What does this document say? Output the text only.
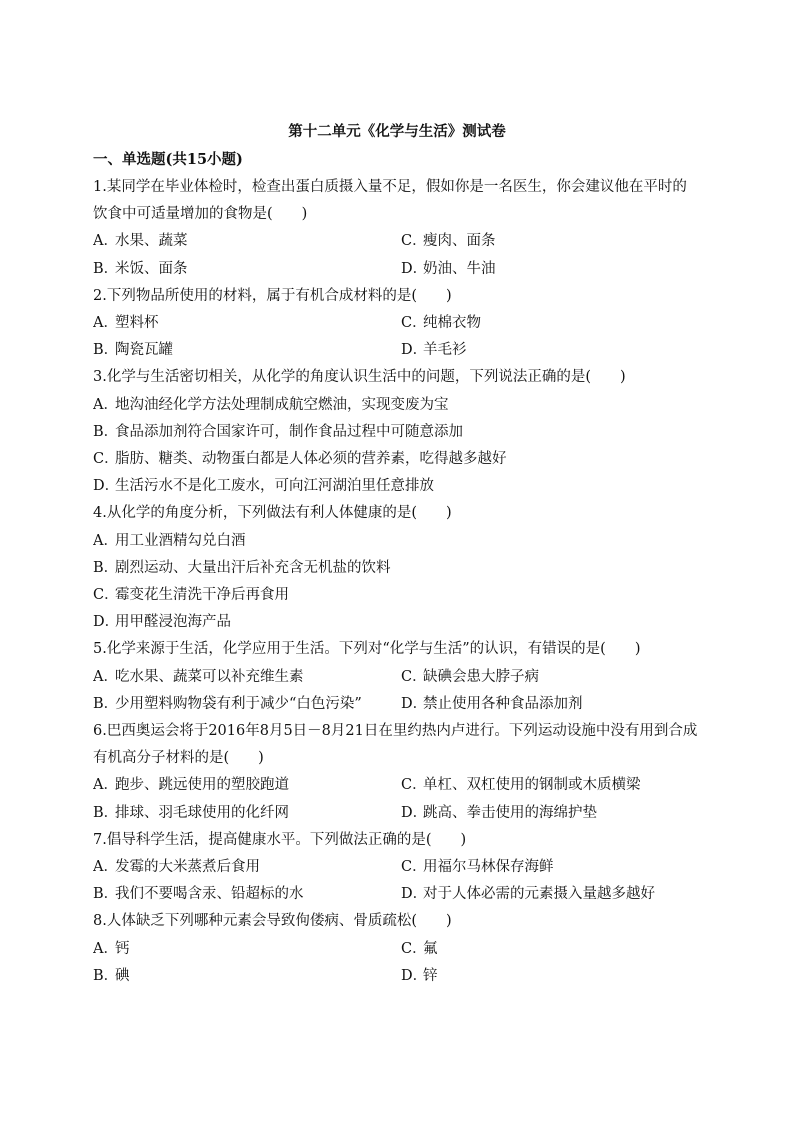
第十二单元《化学与生活》测试卷
一、单选题(共15小题)

1.某同学在毕业体检时，检查出蛋白质摄入量不足，假如你是一名医生，你会建议他在平时的饮食中可适量增加的食物是(　　)

A．水果、蔬菜	C．瘦肉、面条
B．米饭、面条	D．奶油、牛油

2.下列物品所使用的材料，属于有机合成材料的是(　　)

A．塑料杯	C．纯棉衣物
B．陶瓷瓦罐	D．羊毛衫

3.化学与生活密切相关，从化学的角度认识生活中的问题，下列说法正确的是(　　)

A．地沟油经化学方法处理制成航空燃油，实现变废为宝
B．食品添加剂符合国家许可，制作食品过程中可随意添加
C．脂肪、糖类、动物蛋白都是人体必须的营养素，吃得越多越好
D．生活污水不是化工废水，可向江河湖泊里任意排放

4.从化学的角度分析，下列做法有利人体健康的是(　　)

A．用工业酒精勾兑白酒
B．剧烈运动、大量出汗后补充含无机盐的饮料
C．霉变花生清洗干净后再食用
D．用甲醛浸泡海产品

5.化学来源于生活，化学应用于生活。下列对“化学与生活”的认识，有错误的是(　　)

A．吃水果、蔬菜可以补充维生素	C．缺碘会患大脖子病
B．少用塑料购物袋有利于减少“白色污染”	D．禁止使用各种食品添加剂

6.巴西奥运会将于2016年8月5日－8月21日在里约热内卢进行。下列运动设施中没有用到合成有机高分子材料的是(　　)

A．跑步、跳远使用的塑胶跑道	C．单杠、双杠使用的钢制或木质横梁
B．排球、羽毛球使用的化纤网	D．跳高、拳击使用的海绵护垫

7.倡导科学生活，提高健康水平。下列做法正确的是(　　)

A．发霉的大米蒸煮后食用	C．用福尔马林保存海鲜
B．我们不要喝含汞、铅超标的水	D．对于人体必需的元素摄入量越多越好

8.人体缺乏下列哪种元素会导致佝偻病、骨质疏松(　　)

A．钙	C．氟
B．碘	D．锌
